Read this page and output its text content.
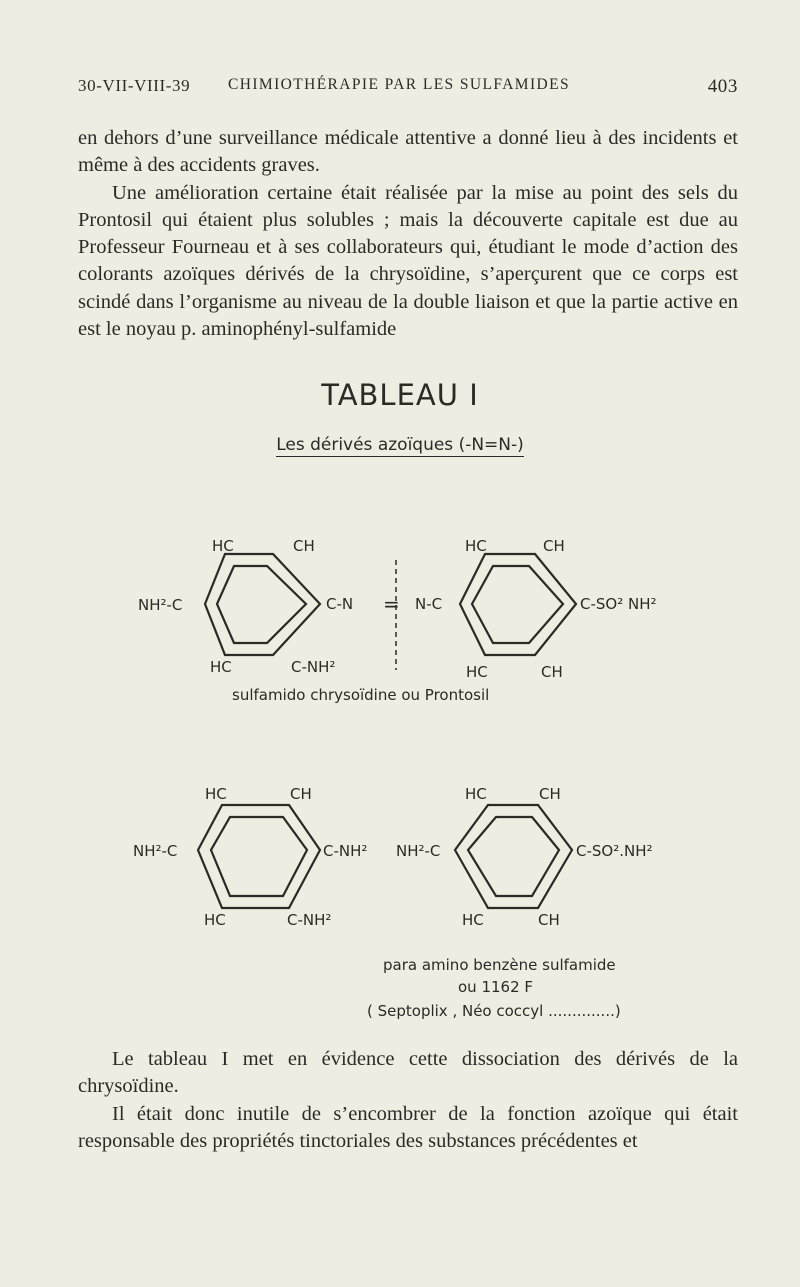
30-VII-VIII-39 CHIMIOTHÉRAPIE PAR LES SULFAMIDES	403

en dehors d’une surveillance médicale attentive a donné lieu à des incidents et même à des accidents graves.

Une amélioration certaine était réalisée par la mise au point des sels du Prontosil qui étaient plus solubles ; mais la découverte capitale est due au Professeur Fourneau et à ses collaborateurs qui, étudiant le mode d’action des colorants azoïques dérivés de la chrysoïdine, s’aperçurent que ce corps est scindé dans l’organisme au niveau de la double liaison et que la partie active en est le noyau p. aminophényl-sulfamide

TABLEAU I
Les dérivés azoïques (-N=N-)
HC	CH
NH²-C	C-N = N-C
HC	C-NH²
HC	CH
C-SO² NH²
HC	CH
HC	CH
NH²-C	C-NH²
HC	C-NH²
NH²-C
HC	CH
C-SO².NH²
HC	CH
sulfamido chrysoïdine ou Prontosil
para amino benzène sulfamide
ou 1162 F
( Septoplix , Néo coccyl ..............)

Le tableau I met en évidence cette dissociation des dérivés de la chrysoïdine.

Il était donc inutile de s’encombrer de la fonction azoïque qui était responsable des propriétés tinctoriales des substances précédentes et
